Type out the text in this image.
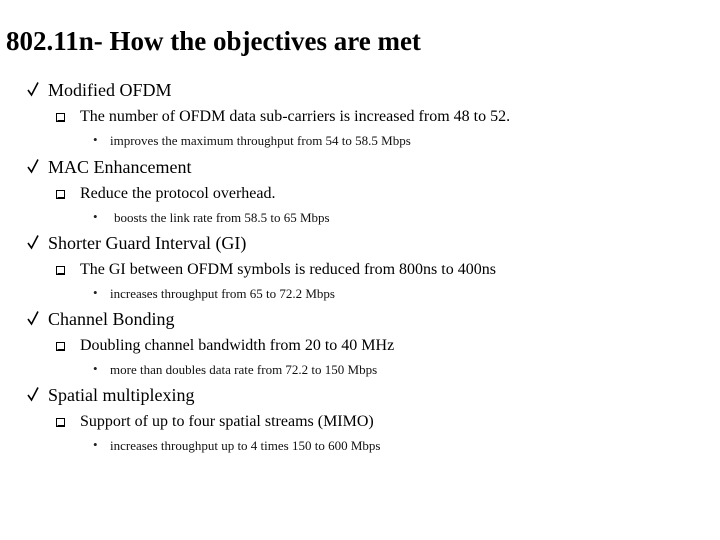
802.11n- How the objectives are met
Modified OFDM
The number of OFDM data sub-carriers is increased from 48 to 52.
• improves the maximum throughput from 54 to 58.5 Mbps
MAC Enhancement
Reduce the protocol overhead.
• boosts the link rate from 58.5 to 65 Mbps
Shorter Guard Interval (GI)
The GI between OFDM symbols is reduced from 800ns to 400ns
• increases throughput from 65 to 72.2 Mbps
Channel Bonding
Doubling channel bandwidth from 20 to 40 MHz
• more than doubles data rate from 72.2 to 150 Mbps
Spatial multiplexing
Support of up to four spatial streams (MIMO)
• increases throughput up to 4 times 150 to 600 Mbps
